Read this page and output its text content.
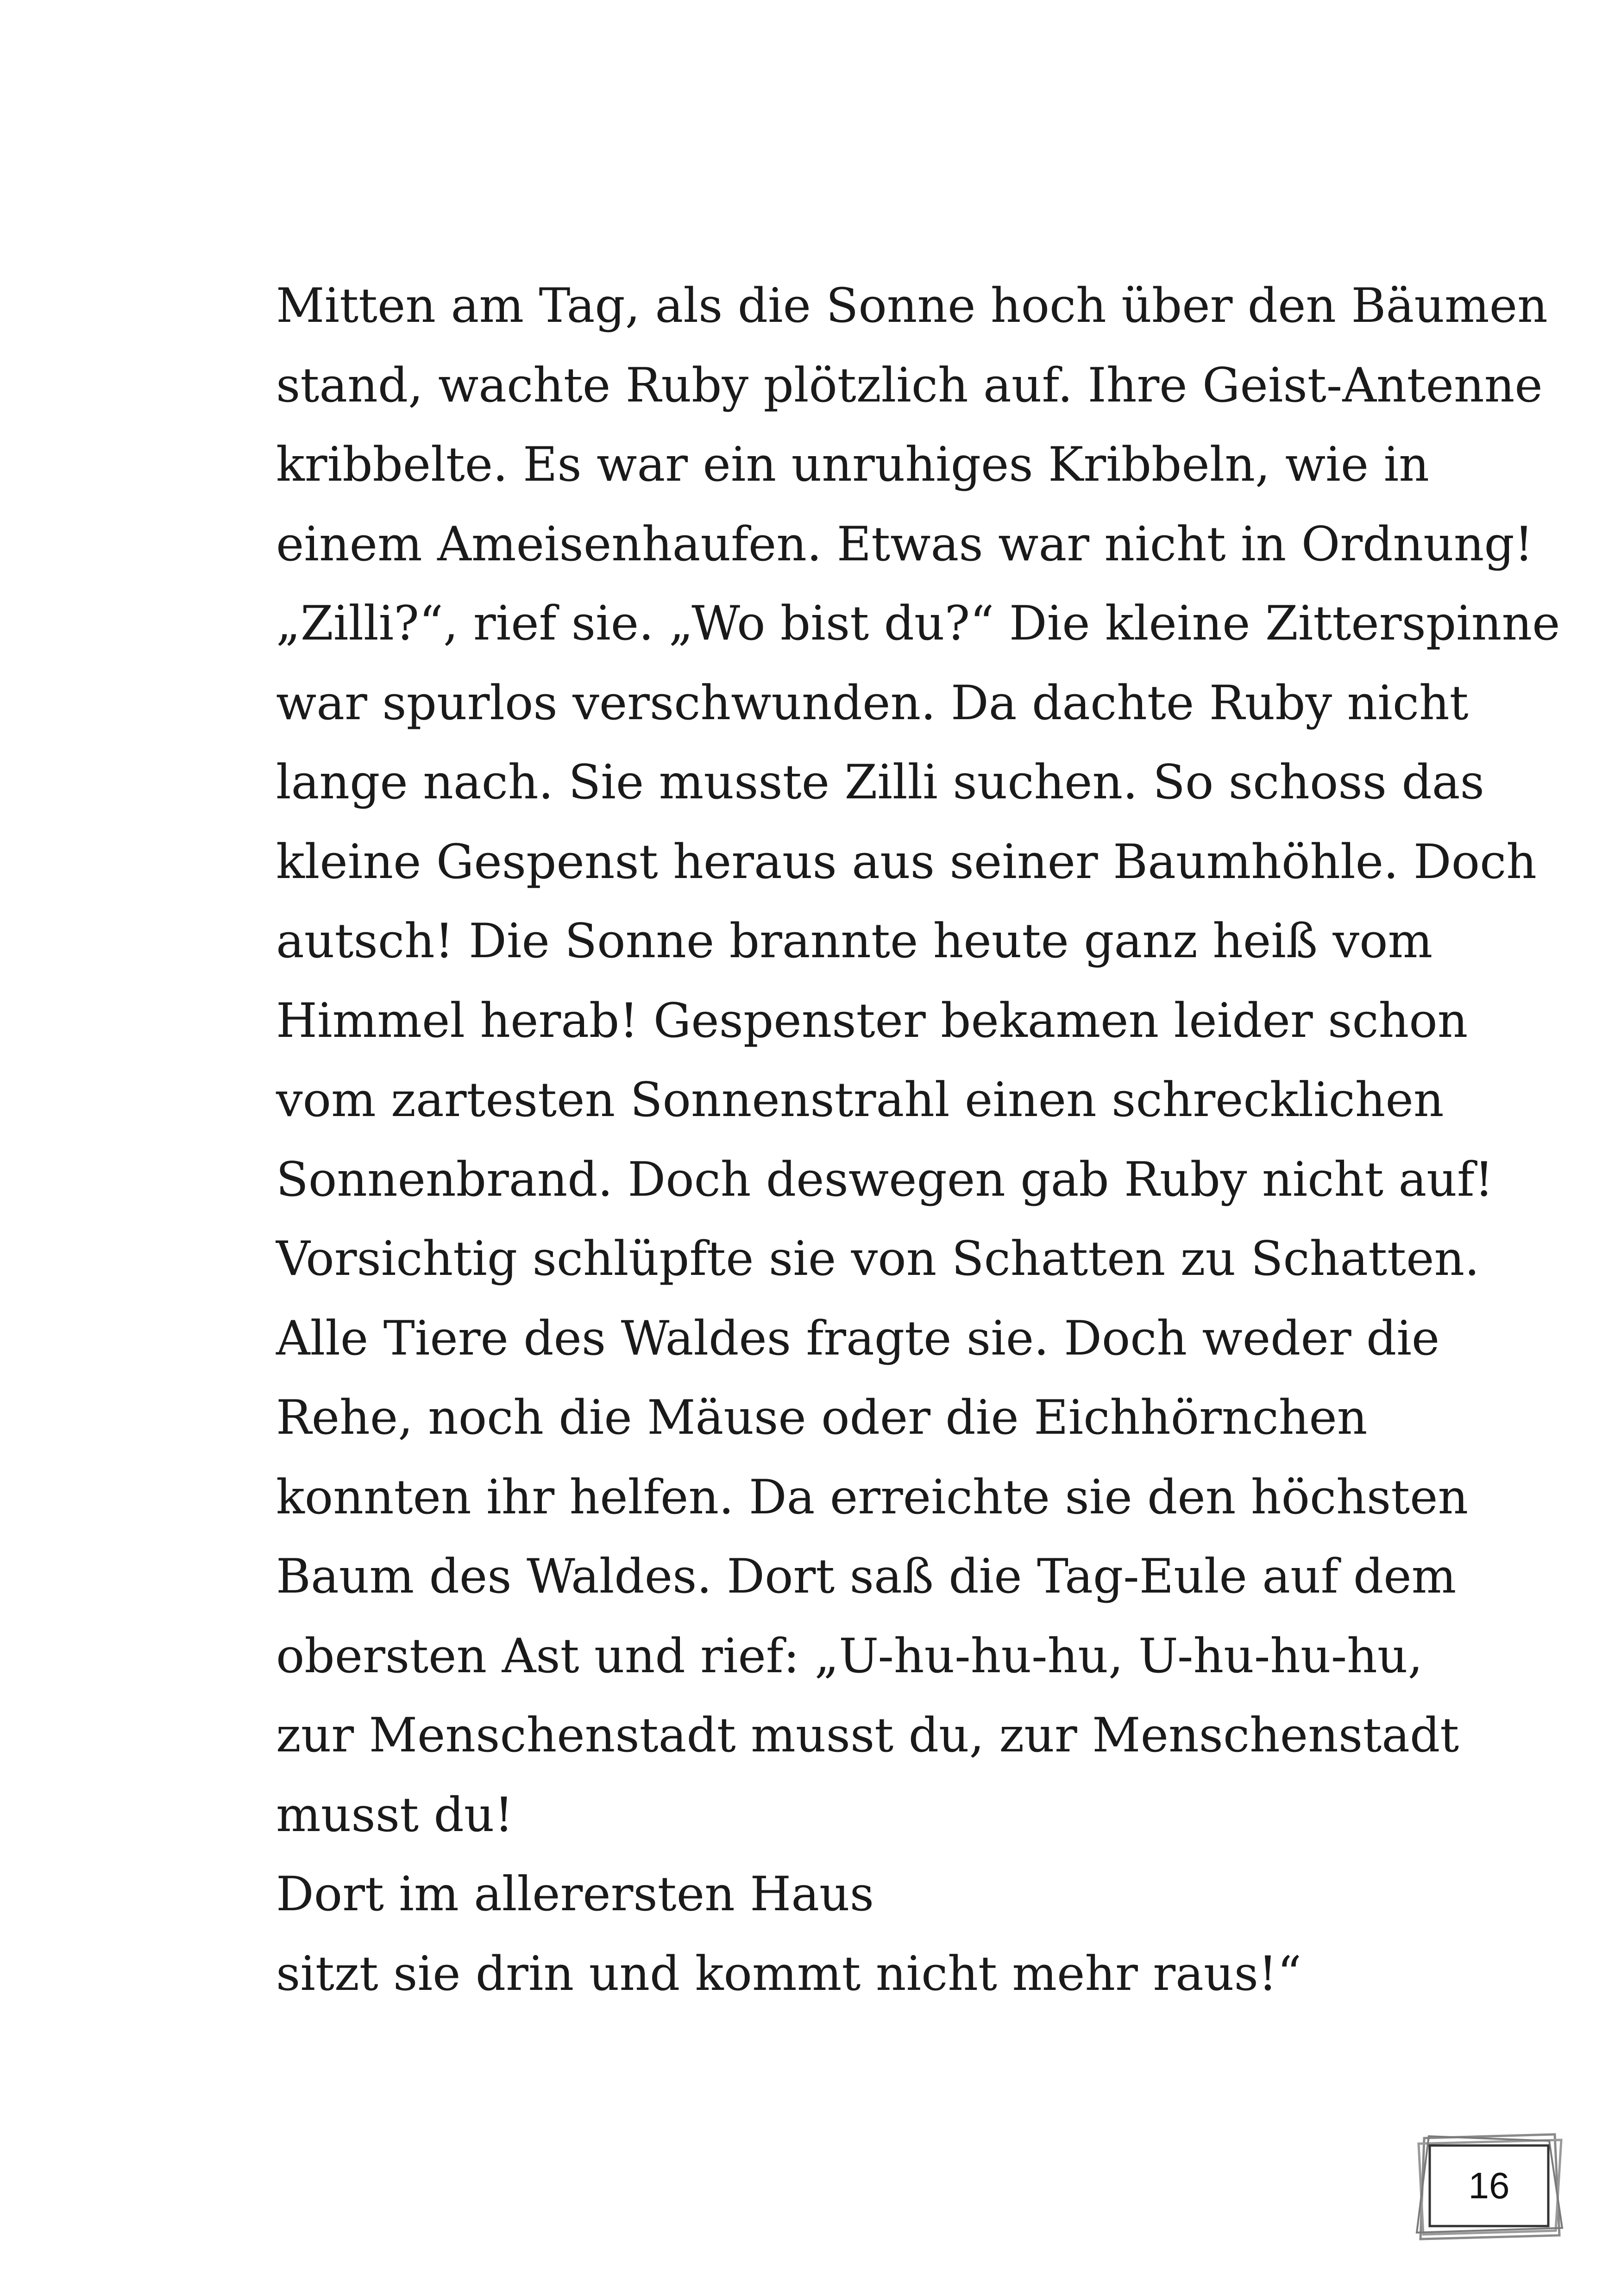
Mitten am Tag, als die Sonne hoch über den Bäumen
stand, wachte Ruby plötzlich auf. Ihre Geist-Antenne
kribbelte. Es war ein unruhiges Kribbeln, wie in
einem Ameisenhaufen. Etwas war nicht in Ordnung!
„Zilli?“, rief sie. „Wo bist du?“ Die kleine Zitterspinne
war spurlos verschwunden. Da dachte Ruby nicht
lange nach. Sie musste Zilli suchen. So schoss das
kleine Gespenst heraus aus seiner Baumhöhle. Doch
autsch! Die Sonne brannte heute ganz heiß vom
Himmel herab! Gespenster bekamen leider schon
vom zartesten Sonnenstrahl einen schrecklichen
Sonnenbrand. Doch deswegen gab Ruby nicht auf!
Vorsichtig schlüpfte sie von Schatten zu Schatten.
Alle Tiere des Waldes fragte sie. Doch weder die
Rehe, noch die Mäuse oder die Eichhörnchen
konnten ihr helfen. Da erreichte sie den höchsten
Baum des Waldes. Dort saß die Tag-Eule auf dem
obersten Ast und rief: „U-hu-hu-hu, U-hu-hu-hu,
zur Menschenstadt musst du, zur Menschenstadt
musst du!
Dort im allerersten Haus
sitzt sie drin und kommt nicht mehr raus!“
16
